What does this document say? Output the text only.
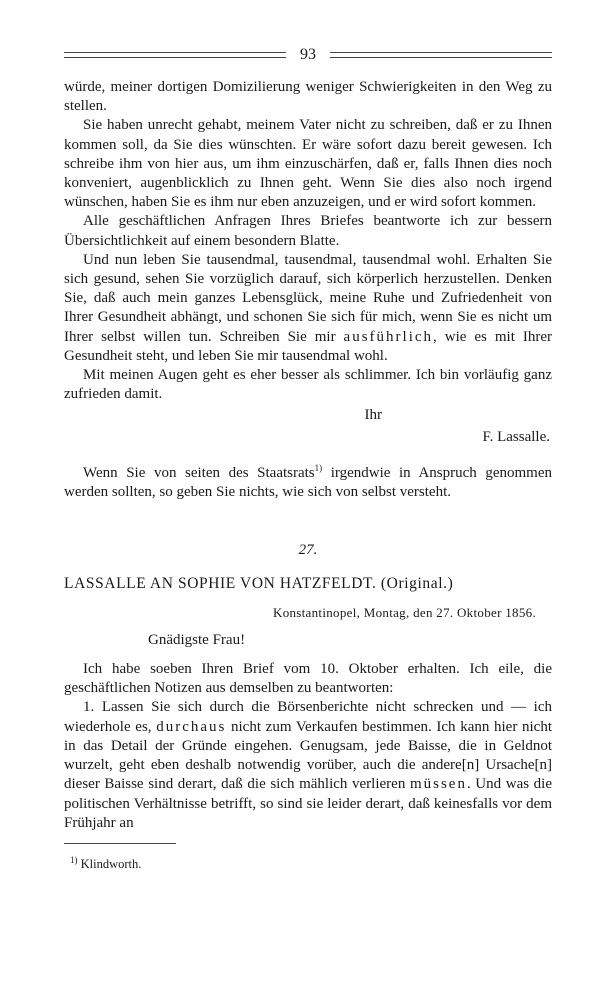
93

würde, meiner dortigen Domizilierung weniger Schwierigkeiten in den Weg zu stellen.

Sie haben unrecht gehabt, meinem Vater nicht zu schreiben, daß er zu Ihnen kommen soll, da Sie dies wünschten. Er wäre sofort dazu bereit gewesen. Ich schreibe ihm von hier aus, um ihm einzuschärfen, daß er, falls Ihnen dies noch konveniert, augenblicklich zu Ihnen geht. Wenn Sie dies also noch irgend wünschen, haben Sie es ihm nur eben anzuzeigen, und er wird sofort kommen.

Alle geschäftlichen Anfragen Ihres Briefes beantworte ich zur bessern Übersichtlichkeit auf einem besondern Blatte.

Und nun leben Sie tausendmal, tausendmal, tausendmal wohl. Erhalten Sie sich gesund, sehen Sie vorzüglich darauf, sich körperlich herzustellen. Denken Sie, daß auch mein ganzes Lebensglück, meine Ruhe und Zufriedenheit von Ihrer Gesundheit abhängt, und schonen Sie sich für mich, wenn Sie es nicht um Ihrer selbst willen tun. Schreiben Sie mir ausführlich, wie es mit Ihrer Gesundheit steht, und leben Sie mir tausendmal wohl.

Mit meinen Augen geht es eher besser als schlimmer. Ich bin vorläufig ganz zufrieden damit.

Ihr
F. Lassalle.

Wenn Sie von seiten des Staatsrats$^{1)}$ irgendwie in Anspruch genommen werden sollten, so geben Sie nichts, wie sich von selbst versteht.

27.
LASSALLE AN SOPHIE VON HATZFELDT. (Original.)
Konstantinopel, Montag, den 27. Oktober 1856.
Gnädigste Frau!

Ich habe soeben Ihren Brief vom 10. Oktober erhalten. Ich eile, die geschäftlichen Notizen aus demselben zu beantworten:

1. Lassen Sie sich durch die Börsenberichte nicht schrecken und — ich wiederhole es, durchaus nicht zum Verkaufen bestimmen. Ich kann hier nicht in das Detail der Gründe eingehen. Genugsam, jede Baisse, die in Geldnot wurzelt, geht eben deshalb notwendig vorüber, auch die andere[n] Ursache[n] dieser Baisse sind derart, daß die sich mählich verlieren müssen. Und was die politischen Verhältnisse betrifft, so sind sie leider derart, daß keinesfalls vor dem Frühjahr an

$^{1)}$ Klindworth.
